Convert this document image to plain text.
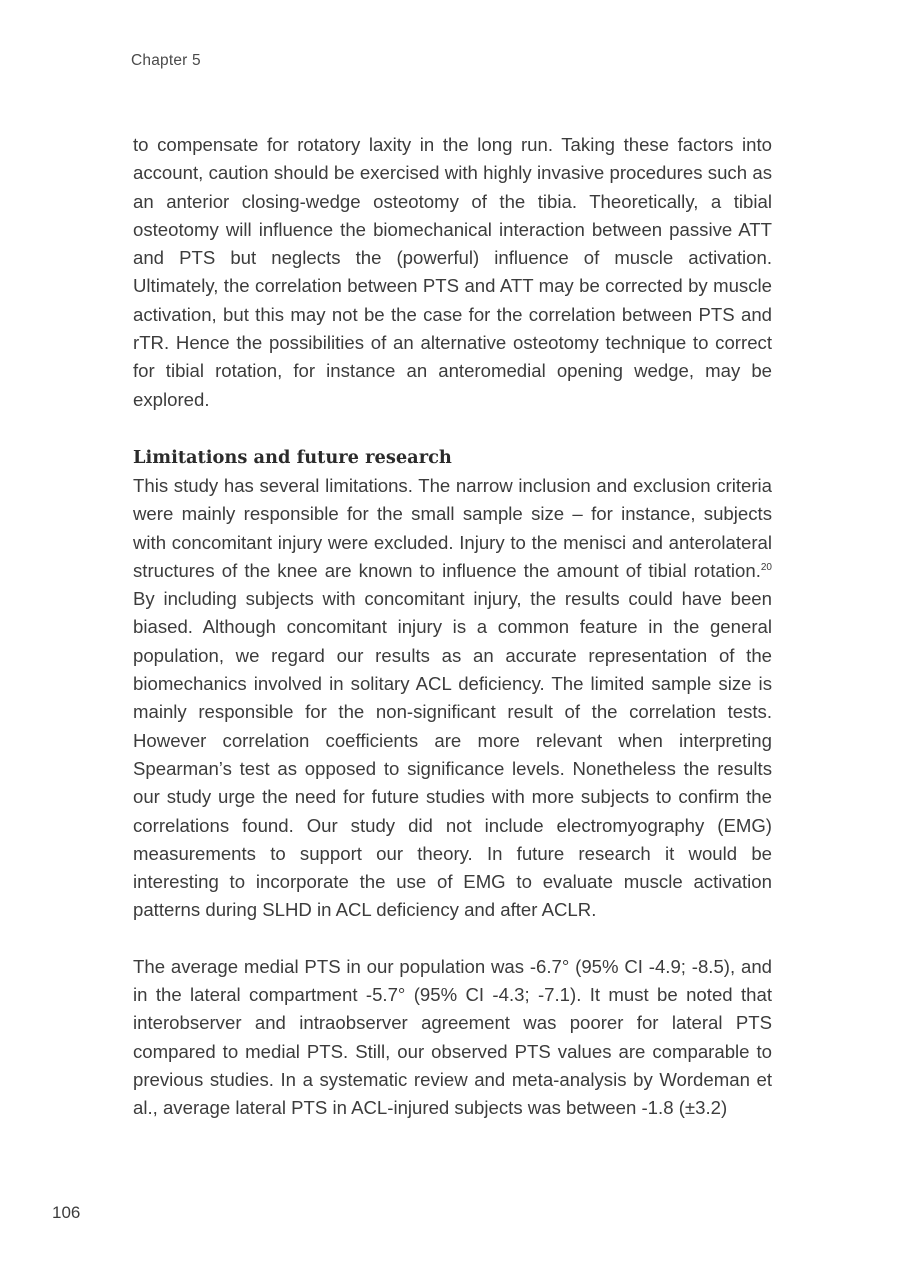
Chapter 5

to compensate for rotatory laxity in the long run. Taking these factors into account, caution should be exercised with highly invasive procedures such as an anterior closing-wedge osteotomy of the tibia. Theoretically, a tibial osteotomy will influence the biomechanical interaction between passive ATT and PTS but neglects the (powerful) influence of muscle activation. Ultimately, the correlation between PTS and ATT may be corrected by muscle activation, but this may not be the case for the correlation between PTS and rTR. Hence the possibilities of an alternative osteotomy technique to correct for tibial rotation, for instance an anteromedial opening wedge, may be explored.

Limitations and future research

This study has several limitations. The narrow inclusion and exclusion criteria were mainly responsible for the small sample size – for instance, subjects with concomitant injury were excluded. Injury to the menisci and anterolateral structures of the knee are known to influence the amount of tibial rotation.$^{20}$ By including subjects with concomitant injury, the results could have been biased. Although concomitant injury is a common feature in the general population, we regard our results as an accurate representation of the biomechanics involved in solitary ACL deficiency. The limited sample size is mainly responsible for the non-significant result of the correlation tests. However correlation coefficients are more relevant when interpreting Spearman’s test as opposed to significance levels. Nonetheless the results our study urge the need for future studies with more subjects to confirm the correlations found. Our study did not include electromyography (EMG) measurements to support our theory. In future research it would be interesting to incorporate the use of EMG to evaluate muscle activation patterns during SLHD in ACL deficiency and after ACLR.

The average medial PTS in our population was -6.7° (95% CI -4.9; -8.5), and in the lateral compartment -5.7° (95% CI -4.3; -7.1). It must be noted that interobserver and intraobserver agreement was poorer for lateral PTS compared to medial PTS. Still, our observed PTS values are comparable to previous studies. In a systematic review and meta-analysis by Wordeman et al., average lateral PTS in ACL-injured subjects was between -1.8 (±3.2)

106
